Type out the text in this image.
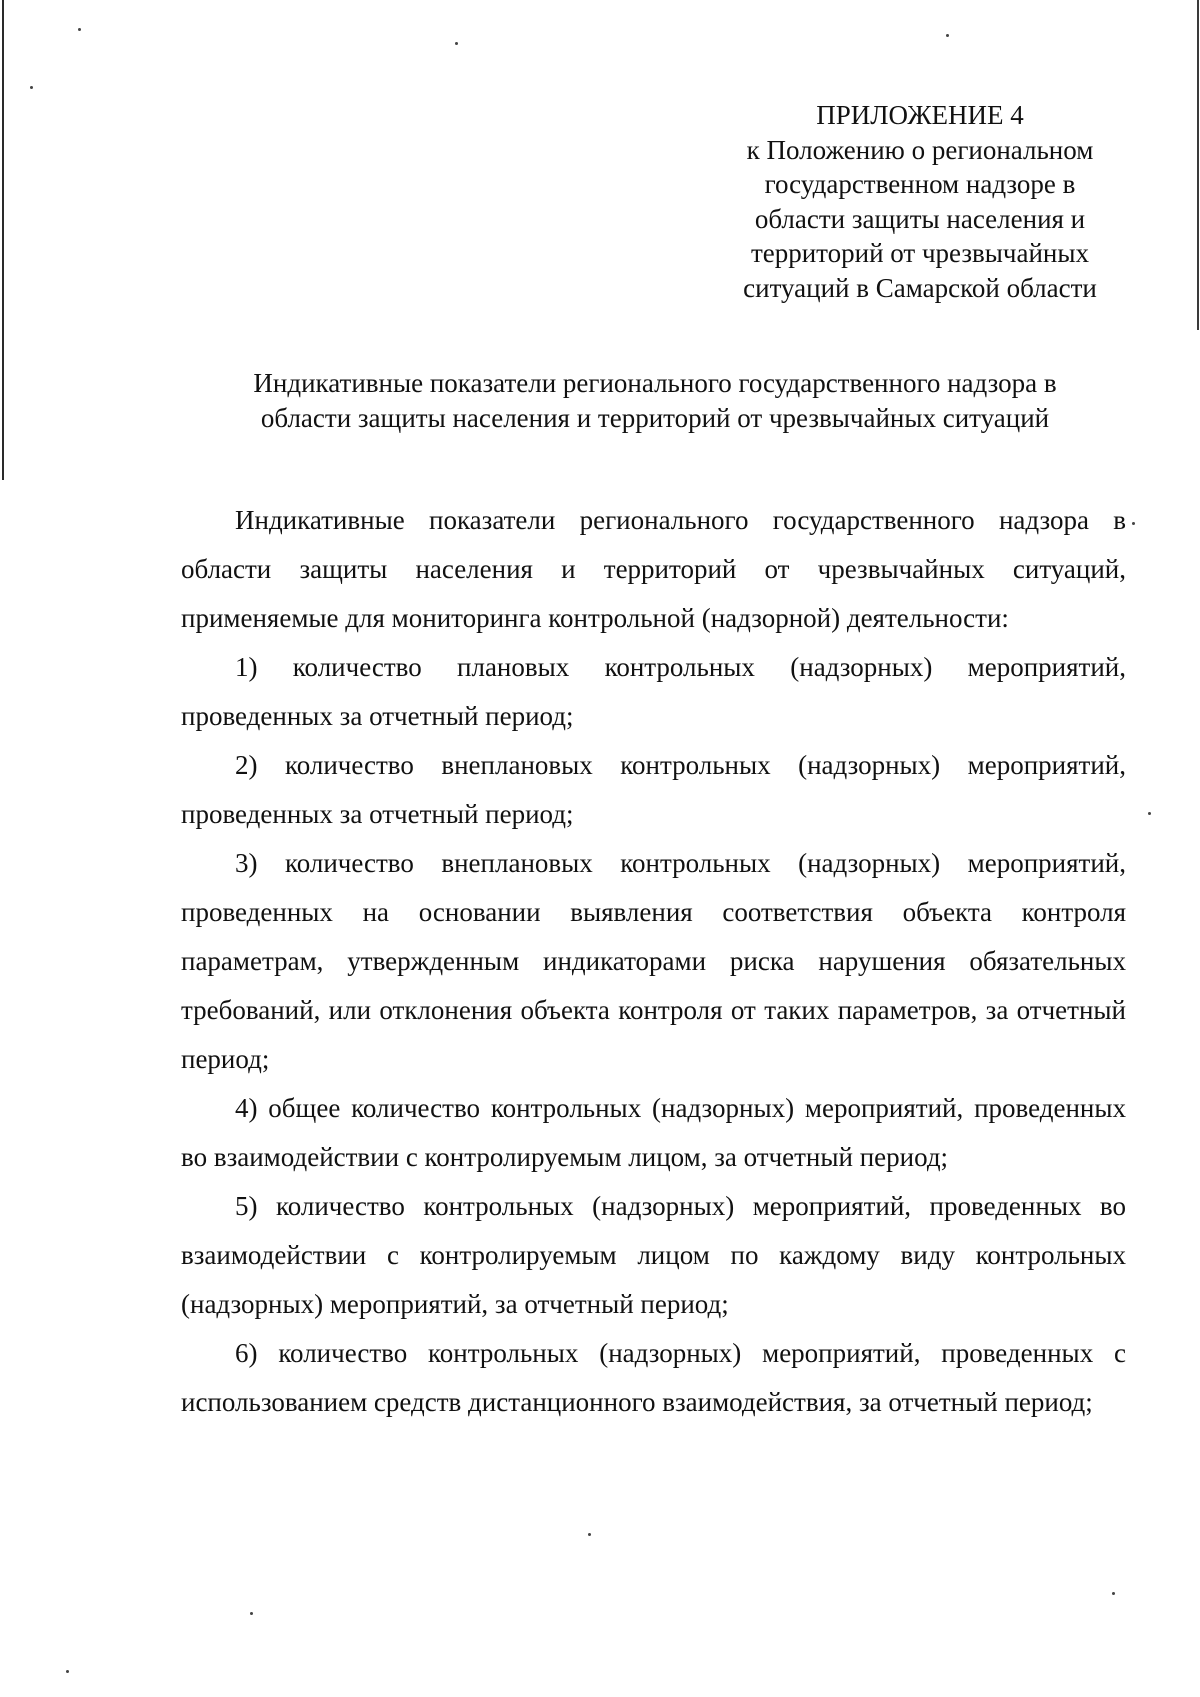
ПРИЛОЖЕНИЕ 4
к Положению о региональном
государственном надзоре в
области защиты населения и
территорий от чрезвычайных
ситуаций в Самарской области
Индикативные показатели регионального государственного надзора в
области защиты населения и территорий от чрезвычайных ситуаций

Индикативные показатели регионального государственного надзора в области защиты населения и территорий от чрезвычайных ситуаций, применяемые для мониторинга контрольной (надзорной) деятельности:

1) количество плановых контрольных (надзорных) мероприятий, проведенных за отчетный период;

2) количество внеплановых контрольных (надзорных) мероприятий, проведенных за отчетный период;

3) количество внеплановых контрольных (надзорных) мероприятий, проведенных на основании выявления соответствия объекта контроля параметрам, утвержденным индикаторами риска нарушения обязательных требований, или отклонения объекта контроля от таких параметров, за отчетный период;

4) общее количество контрольных (надзорных) мероприятий, проведенных во взаимодействии с контролируемым лицом, за отчетный период;

5) количество контрольных (надзорных) мероприятий, проведенных во взаимодействии с контролируемым лицом по каждому виду контрольных (надзорных) мероприятий, за отчетный период;

6) количество контрольных (надзорных) мероприятий, проведенных с использованием средств дистанционного взаимодействия, за отчетный период;
